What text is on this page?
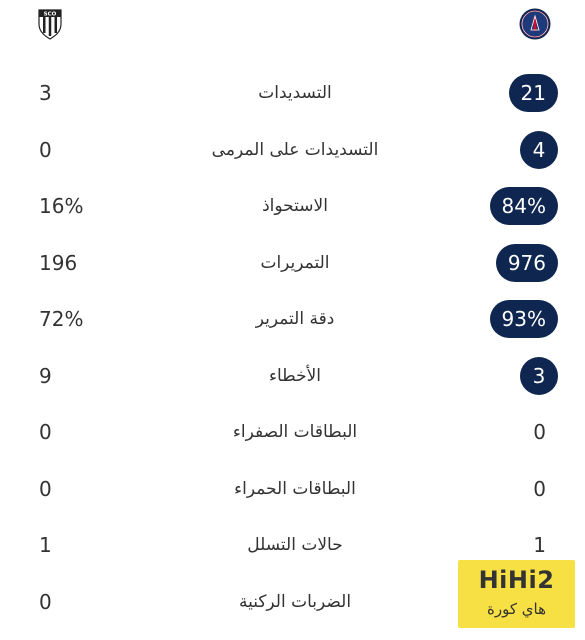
SCO
3	التسديدات	21
0	التسديدات على المرمى	4
16%	الاستحواذ	84%
196	التمريرات	976
72%	دقة التمرير	93%
9	الأخطاء	3
0	البطاقات الصفراء	0
0	البطاقات الحمراء	0
1	حالات التسلل	1
0	الضربات الركنية
HiHi2
هاي كورة
